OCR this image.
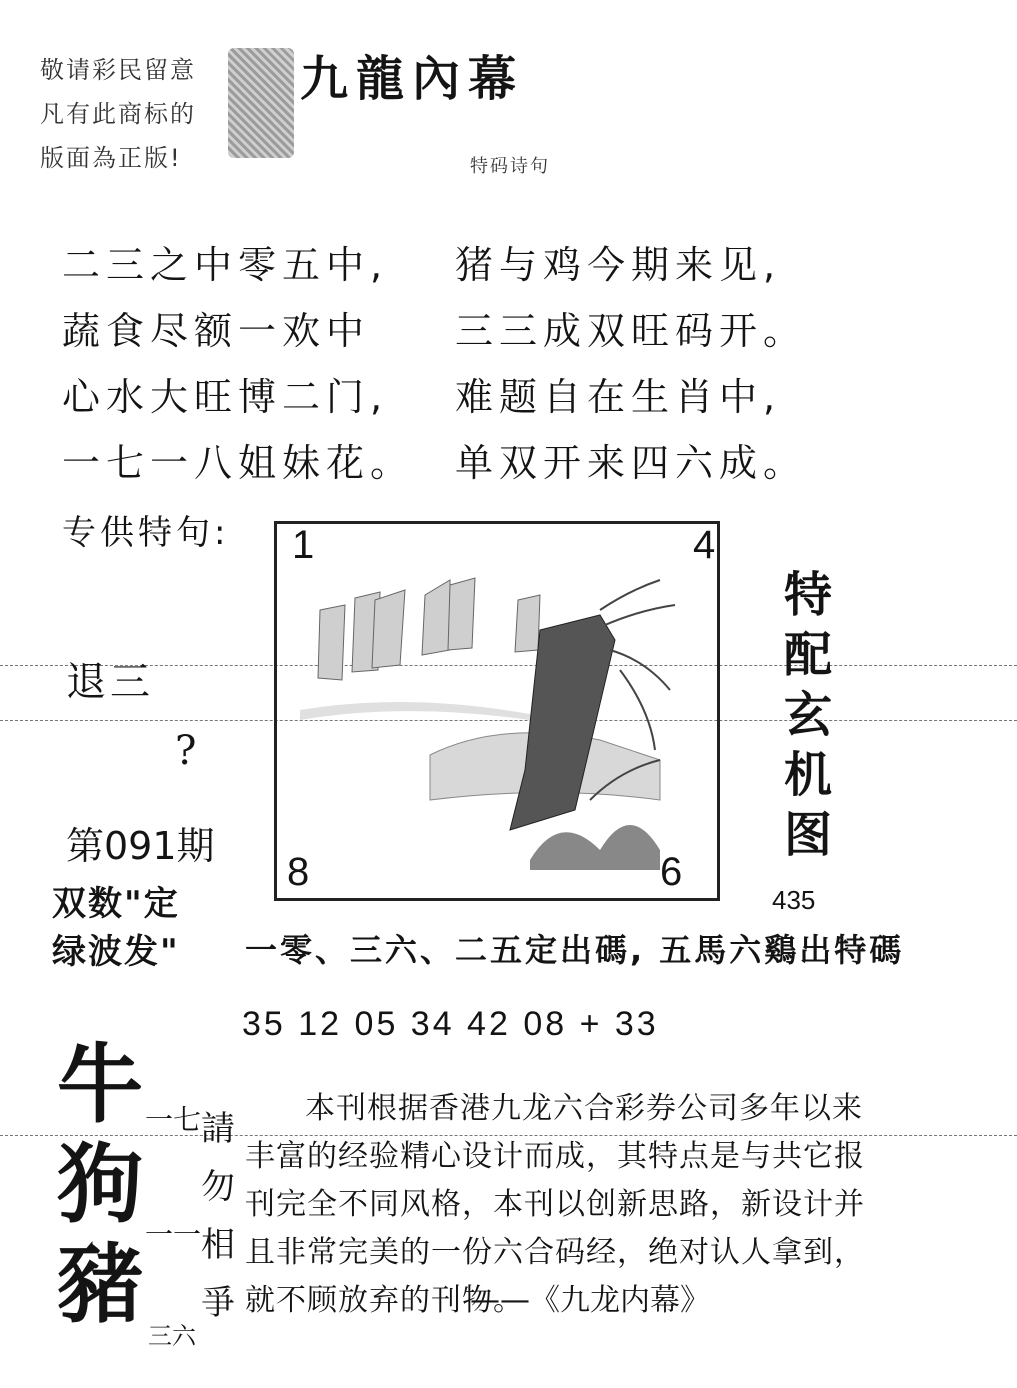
敬请彩民留意
凡有此商标的
版面為正版!
九龍內幕
特码诗句
二三之中零五中,
蔬食尽额一欢中
心水大旺博二门,
一七一八姐妹花。
猪与鸡今期来见,
三三成双旺码开。
难题自在生肖中,
单双开来四六成。
专供特句:
退三
?
第091期
双数"定
绿波发"
1	4
8	6
特
配
玄
机
图
435
一零、三六、二五定出碼, 五馬六鷄出特碼
35 12 05 34 42 08 + 33
牛
狗
豬
一七
一一
三六
請
勿
相
爭
本刊根据香港九龙六合彩券公司多年以来丰富的经验精心设计而成，其特点是与共它报刊完全不同风格，本刊以创新思路，新设计并且非常完美的一份六合码经，绝对认人拿到，就不顾放弃的刊物。
——《九龙内幕》
